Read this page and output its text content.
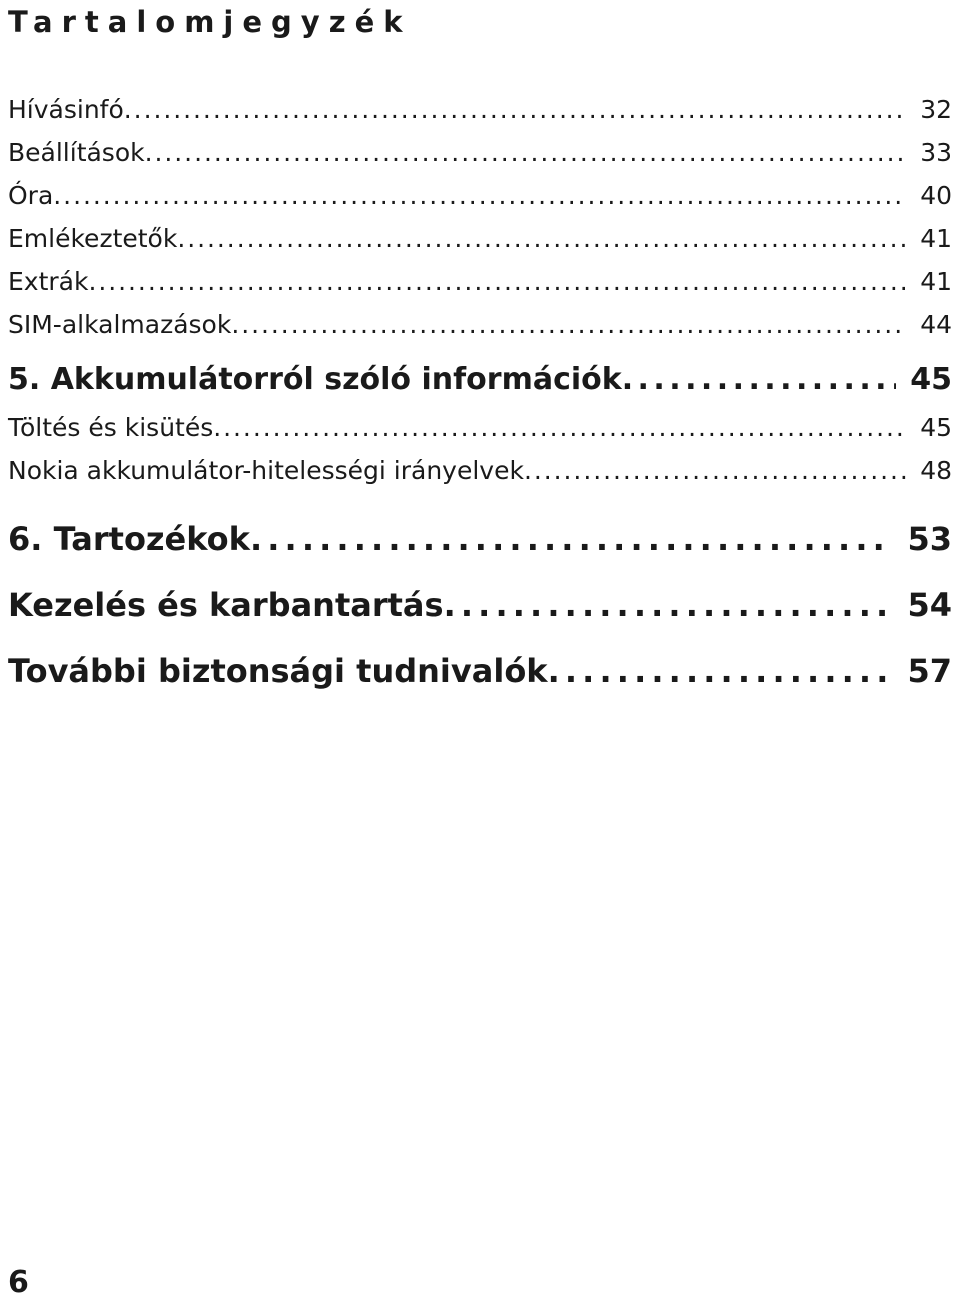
Tartalomjegyzék
Hívásinfó . . .	32
Beállítások . . .	33
Óra . . .	40
Emlékeztetők . . .	41
Extrák . . .	41
SIM-alkalmazások . . .	44
5. Akkumulátorról szóló információk . . .	45
Töltés és kisütés . . .	45
Nokia akkumulátor-hitelességi irányelvek . . .	48
6. Tartozékok . . .	53
Kezelés és karbantartás . . .	54
További biztonsági tudnivalók . . .	57
6
